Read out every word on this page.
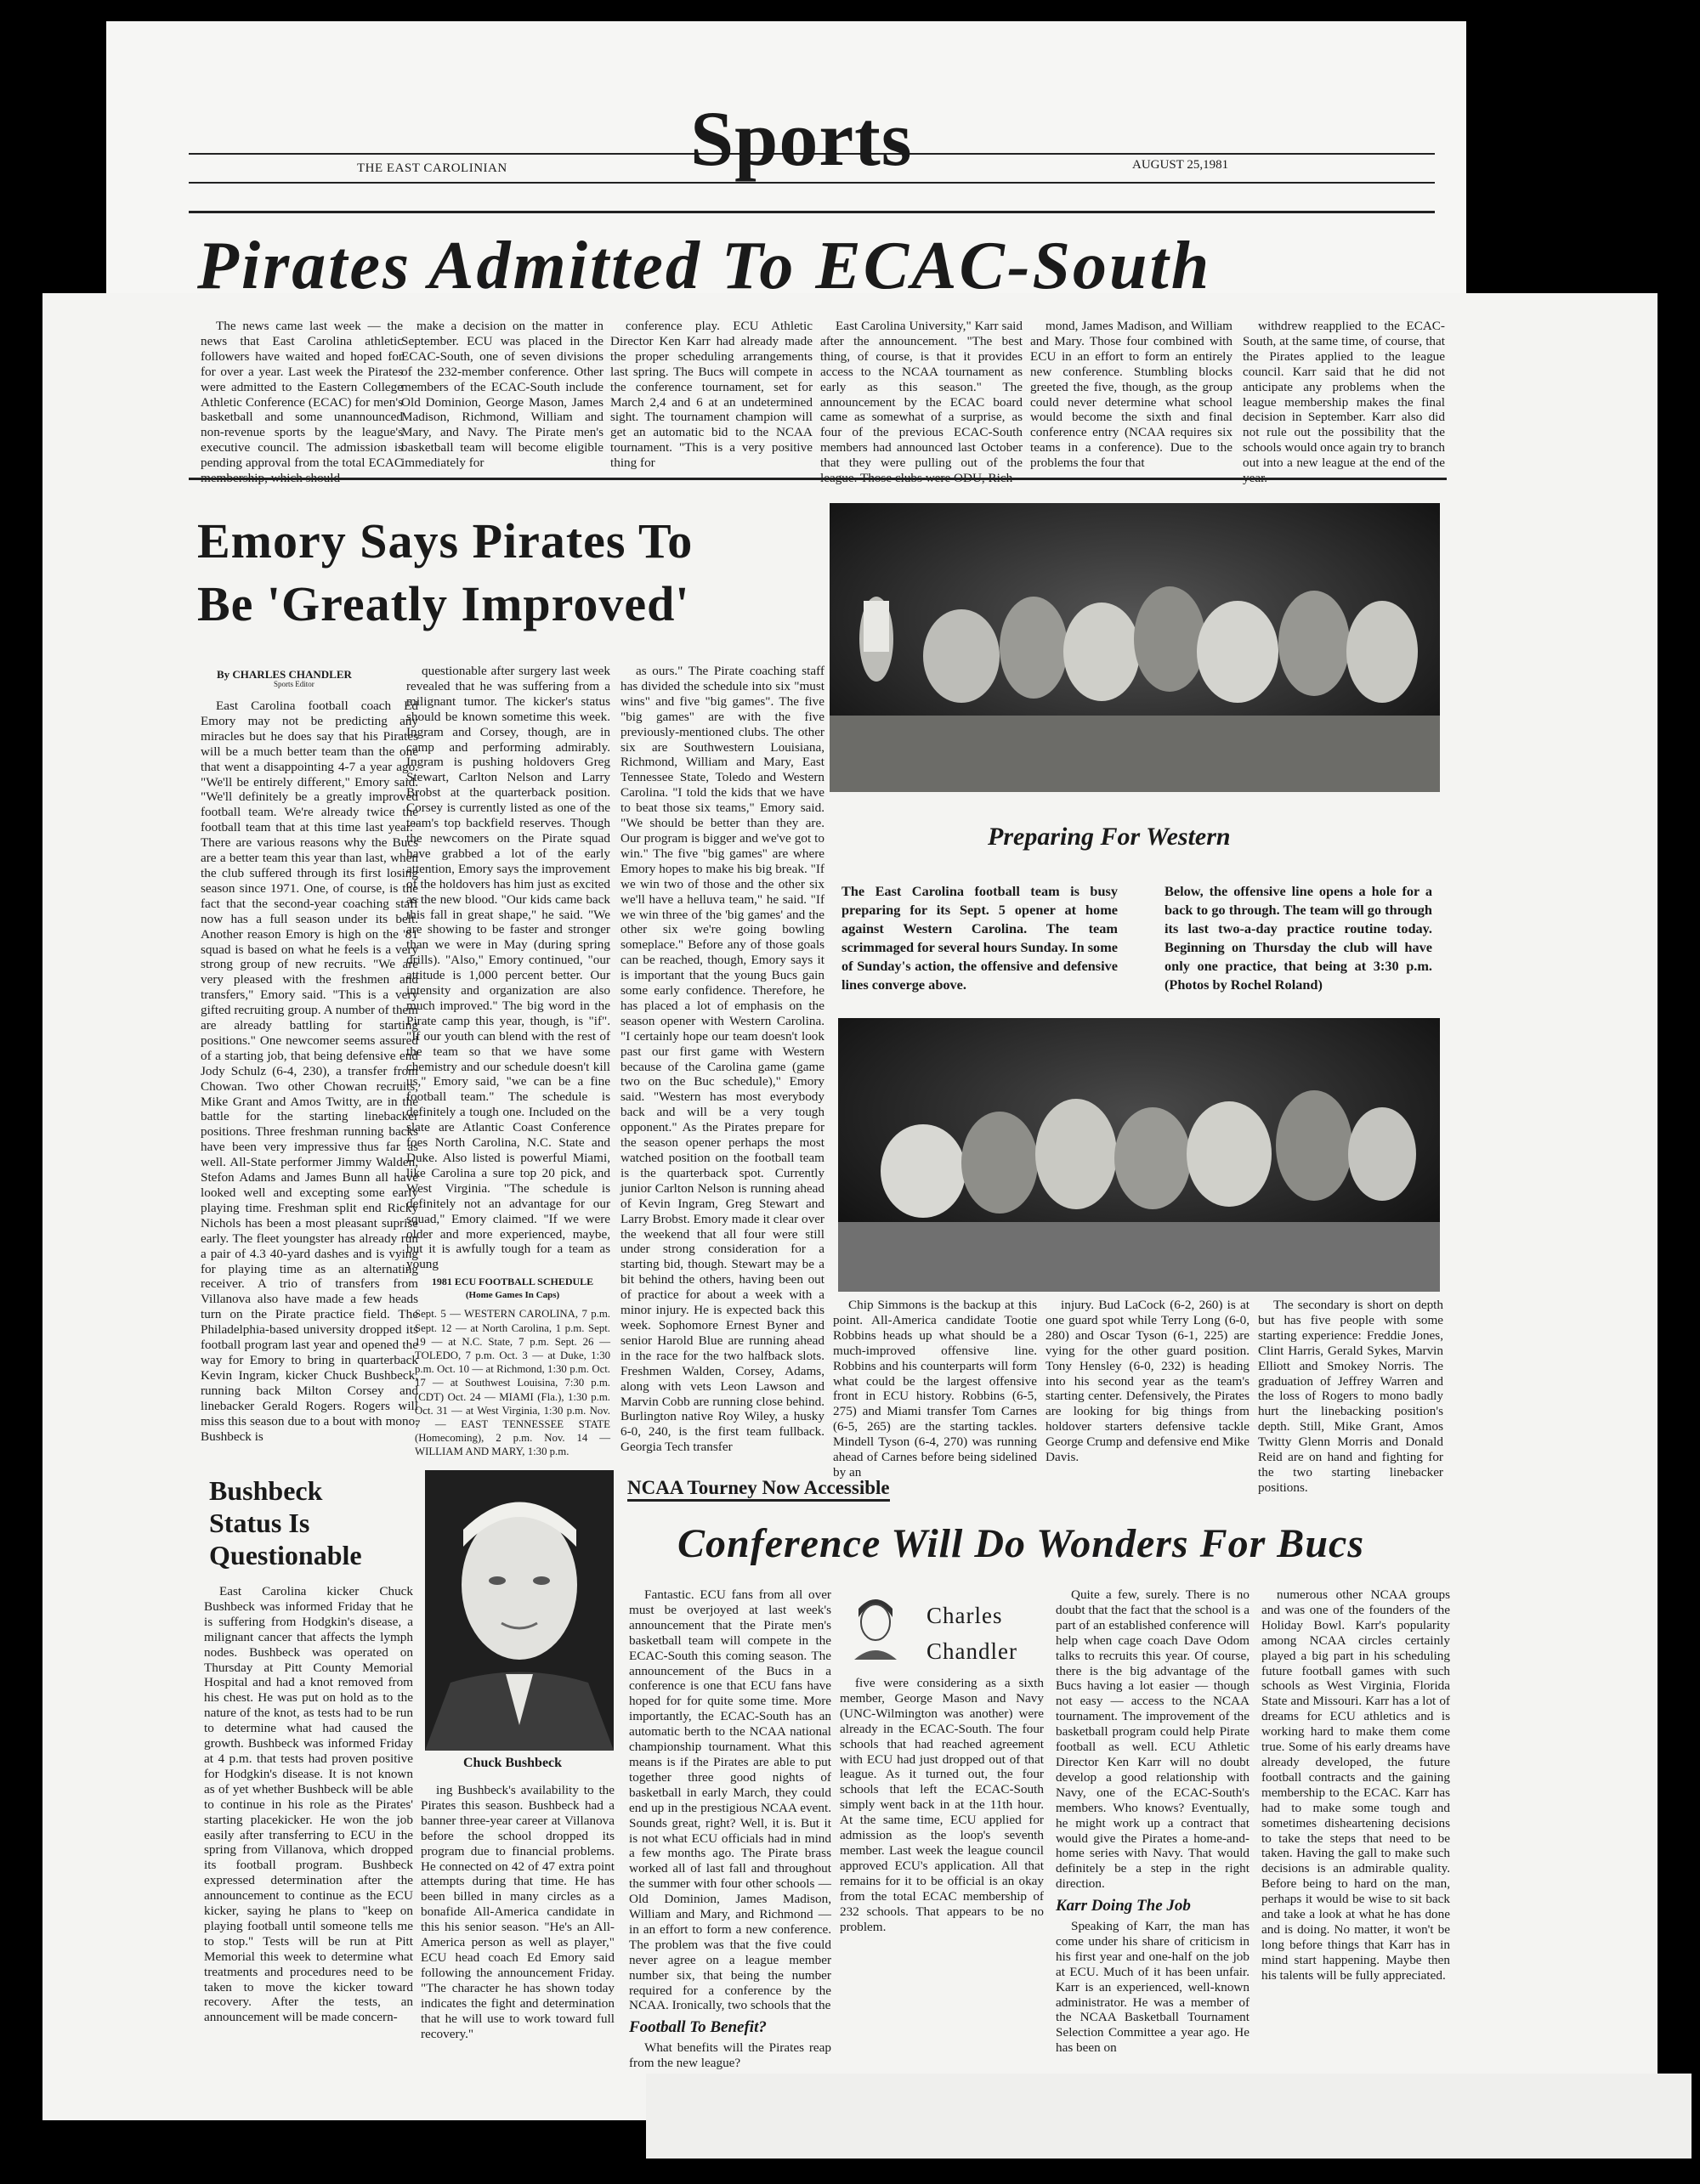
Sports
THE EAST CAROLINIAN	AUGUST 25,1981
Pirates Admitted To ECAC-South

The news came last week — the news that East Carolina athletic followers have waited and hoped for for over a year. Last week the Pirates were admitted to the Eastern College Athletic Conference (ECAC) for men's basketball and some unannounced non-revenue sports by the league's executive council. The admission is pending approval from the total ECAC membership, which should

make a decision on the matter in September. ECU was placed in the ECAC-South, one of seven divisions of the 232-member conference. Other members of the ECAC-South include Old Dominion, George Mason, James Madison, Richmond, William and Mary, and Navy. The Pirate men's basketball team will become eligible immediately for

conference play. ECU Athletic Director Ken Karr had already made the proper scheduling arrangements last spring. The Bucs will compete in the conference tournament, set for March 2,4 and 6 at an undetermined sight. The tournament champion will get an automatic bid to the NCAA tournament. "This is a very positive thing for

East Carolina University," Karr said after the announcement. "The best thing, of course, is that it provides access to the NCAA tournament as early as this season." The announcement by the ECAC board came as somewhat of a surprise, as four of the previous ECAC-South members had announced last October that they were pulling out of the league. Those clubs were ODU, Rich-

mond, James Madison, and William and Mary. Those four combined with ECU in an effort to form an entirely new conference. Stumbling blocks greeted the five, though, as the group could never determine what school would become the sixth and final conference entry (NCAA requires six teams in a conference). Due to the problems the four that

withdrew reapplied to the ECAC-South, at the same time, of course, that the Pirates applied to the league council. Karr said that he did not anticipate any problems when the league membership makes the final decision in September. Karr also did not rule out the possibility that the schools would once again try to branch out into a new league at the end of the year.

Emory Says Pirates To
Be 'Greatly Improved'
By CHARLES CHANDLER
Sports Editor

East Carolina football coach Ed Emory may not be predicting any miracles but he does say that his Pirates will be a much better team than the one that went a disappointing 4-7 a year ago. "We'll be entirely different," Emory said. "We'll definitely be a greatly improved football team. We're already twice the football team that at this time last year." There are various reasons why the Bucs are a better team this year than last, when the club suffered through its first losing season since 1971. One, of course, is the fact that the second-year coaching staff now has a full season under its belt. Another reason Emory is high on the '81 squad is based on what he feels is a very strong group of new recruits. "We are very pleased with the freshmen and transfers," Emory said. "This is a very gifted recruiting group. A number of them are already battling for starting positions." One newcomer seems assured of a starting job, that being defensive end Jody Schulz (6-4, 230), a transfer from Chowan. Two other Chowan recruits, Mike Grant and Amos Twitty, are in the battle for the starting linebacker positions. Three freshman running backs have been very impressive thus far as well. All-State performer Jimmy Walden, Stefon Adams and James Bunn all have looked well and excepting some early playing time. Freshman split end Ricky Nichols has been a most pleasant suprise early. The fleet youngster has already run a pair of 4.3 40-yard dashes and is vying for playing time as an alternating receiver. A trio of transfers from Villanova also have made a few heads turn on the Pirate practice field. The Philadelphia-based university dropped its football program last year and opened the way for Emory to bring in quarterback Kevin Ingram, kicker Chuck Bushbeck, running back Milton Corsey and linebacker Gerald Rogers. Rogers will miss this season due to a bout with mono. Bushbeck is

questionable after surgery last week revealed that he was suffering from a milignant tumor. The kicker's status should be known sometime this week. Ingram and Corsey, though, are in camp and performing admirably. Ingram is pushing holdovers Greg Stewart, Carlton Nelson and Larry Brobst at the quarterback position. Corsey is currently listed as one of the team's top backfield reserves. Though the newcomers on the Pirate squad have grabbed a lot of the early attention, Emory says the improvement of the holdovers has him just as excited as the new blood. "Our kids came back this fall in great shape," he said. "We are showing to be faster and stronger than we were in May (during spring drills). "Also," Emory continued, "our attitude is 1,000 percent better. Our intensity and organization are also much improved." The big word in the Pirate camp this year, though, is "if". "If our youth can blend with the rest of the team so that we have some chemistry and our schedule doesn't kill us," Emory said, "we can be a fine football team." The schedule is definitely a tough one. Included on the slate are Atlantic Coast Conference foes North Carolina, N.C. State and Duke. Also listed is powerful Miami, like Carolina a sure top 20 pick, and West Virginia. "The schedule is definitely not an advantage for our squad," Emory claimed. "If we were older and more experienced, maybe, but it is awfully tough for a team as young

as ours." The Pirate coaching staff has divided the schedule into six "must wins" and five "big games". The five "big games" are with the five previously-mentioned clubs. The other six are Southwestern Louisiana, Richmond, William and Mary, East Tennessee State, Toledo and Western Carolina. "I told the kids that we have to beat those six teams," Emory said. "We should be better than they are. Our program is bigger and we've got to win." The five "big games" are where Emory hopes to make his big break. "If we win two of those and the other six we'll have a helluva team," he said. "If we win three of the 'big games' and the other six we're going bowling someplace." Before any of those goals can be reached, though, Emory says it is important that the young Bucs gain some early confidence. Therefore, he has placed a lot of emphasis on the season opener with Western Carolina. "I certainly hope our team doesn't look past our first game with Western because of the Carolina game (game two on the Buc schedule)," Emory said. "Western has most everybody back and will be a very tough opponent." As the Pirates prepare for the season opener perhaps the most watched position on the football team is the quarterback spot. Currently junior Carlton Nelson is running ahead of Kevin Ingram, Greg Stewart and Larry Brobst. Emory made it clear over the weekend that all four were still under strong consideration for a starting bid, though. Stewart may be a bit behind the others, having been out of practice for about a week with a minor injury. He is expected back this week. Sophomore Ernest Byner and senior Harold Blue are running ahead in the race for the two halfback slots. Freshmen Walden, Corsey, Adams, along with vets Leon Lawson and Marvin Cobb are running close behind. Burlington native Roy Wiley, a husky 6-0, 240, is the first team fullback. Georgia Tech transfer

1981 ECU FOOTBALL SCHEDULE
(Home Games In Caps)
Sept. 5 — WESTERN CAROLINA, 7 p.m. Sept. 12 — at North Carolina, 1 p.m. Sept. 19 — at N.C. State, 7 p.m. Sept. 26 — TOLEDO, 7 p.m. Oct. 3 — at Duke, 1:30 p.m. Oct. 10 — at Richmond, 1:30 p.m. Oct. 17 — at Southwest Louisina, 7:30 p.m. (CDT) Oct. 24 — MIAMI (Fla.), 1:30 p.m. Oct. 31 — at West Virginia, 1:30 p.m. Nov. 7 — EAST TENNESSEE STATE (Homecoming), 2 p.m. Nov. 14 — WILLIAM AND MARY, 1:30 p.m.
Preparing For Western
The East Carolina football team is busy preparing for its Sept. 5 opener at home against Western Carolina. The team scrimmaged for several hours Sunday. In some of Sunday's action, the offensive and defensive lines converge above.
Below, the offensive line opens a hole for a back to go through. The team will go through its last two-a-day practice routine today. Beginning on Thursday the club will have only one practice, that being at 3:30 p.m. (Photos by Rochel Roland)

Chip Simmons is the backup at this point. All-America candidate Tootie Robbins heads up what should be a much-improved offensive line. Robbins and his counterparts will form what could be the largest offensive front in ECU history. Robbins (6-5, 275) and Miami transfer Tom Carnes (6-5, 265) are the starting tackles. Mindell Tyson (6-4, 270) was running ahead of Carnes before being sidelined by an

injury. Bud LaCock (6-2, 260) is at one guard spot while Terry Long (6-0, 280) and Oscar Tyson (6-1, 225) are vying for the other guard position. Tony Hensley (6-0, 232) is heading into his second year as the team's starting center. Defensively, the Pirates are looking for big things from holdover starters defensive tackle George Crump and defensive end Mike Davis.

The secondary is short on depth but has five people with some starting experience: Freddie Jones, Clint Harris, Gerald Sykes, Marvin Elliott and Smokey Norris. The graduation of Jeffrey Warren and the loss of Rogers to mono badly hurt the linebacking position's depth. Still, Mike Grant, Amos Twitty Glenn Morris and Donald Reid are on hand and fighting for the two starting linebacker positions.

Bushbeck
Status Is
Questionable

East Carolina kicker Chuck Bushbeck was informed Friday that he is suffering from Hodgkin's disease, a milignant cancer that affects the lymph nodes. Bushbeck was operated on Thursday at Pitt County Memorial Hospital and had a knot removed from his chest. He was put on hold as to the nature of the knot, as tests had to be run to determine what had caused the growth. Bushbeck was informed Friday at 4 p.m. that tests had proven positive for Hodgkin's disease. It is not known as of yet whether Bushbeck will be able to continue in his role as the Pirates' starting placekicker. He won the job easily after transferring to ECU in the spring from Villanova, which dropped its football program. Bushbeck expressed determination after the announcement to continue as the ECU kicker, saying he plans to "keep on playing football until someone tells me to stop." Tests will be run at Pitt Memorial this week to determine what treatments and procedures need to be taken to move the kicker toward recovery. After the tests, an announcement will be made concern-

Chuck Bushbeck

ing Bushbeck's availability to the Pirates this season. Bushbeck had a banner three-year career at Villanova before the school dropped its program due to financial problems. He connected on 42 of 47 extra point attempts during that time. He has been billed in many circles as a bonafide All-America candidate in this his senior season. "He's an All-America person as well as player," ECU head coach Ed Emory said following the announcement Friday. "The character he has shown today indicates the fight and determination that he will use to work toward full recovery."

NCAA Tourney Now Accessible
Conference Will Do Wonders For Bucs
Charles
Chandler

Fantastic. ECU fans from all over must be overjoyed at last week's announcement that the Pirate men's basketball team will compete in the ECAC-South this coming season. The announcement of the Bucs in a conference is one that ECU fans have hoped for for quite some time. More importantly, the ECAC-South has an automatic berth to the NCAA national championship tournament. What this means is if the Pirates are able to put together three good nights of basketball in early March, they could end up in the prestigious NCAA event. Sounds great, right? Well, it is. But it is not what ECU officials had in mind a few months ago. The Pirate brass worked all of last fall and throughout the summer with four other schools — Old Dominion, James Madison, William and Mary, and Richmond — in an effort to form a new conference. The problem was that the five could never agree on a league member number six, that being the number required for a conference by the NCAA. Ironically, two schools that the

Football To Benefit?

What benefits will the Pirates reap from the new league?

five were considering as a sixth member, George Mason and Navy (UNC-Wilmington was another) were already in the ECAC-South. The four schools that had reached agreement with ECU had just dropped out of that league. As it turned out, the four schools that left the ECAC-South simply went back in at the 11th hour. At the same time, ECU applied for admission as the loop's seventh member. Last week the league council approved ECU's application. All that remains for it to be official is an okay from the total ECAC membership of 232 schools. That appears to be no problem.

Quite a few, surely. There is no doubt that the fact that the school is a part of an established conference will help when cage coach Dave Odom talks to recruits this year. Of course, there is the big advantage of the Bucs having a lot easier — though not easy — access to the NCAA tournament. The improvement of the basketball program could help Pirate football as well. ECU Athletic Director Ken Karr will no doubt develop a good relationship with Navy, one of the ECAC-South's members. Who knows? Eventually, he might work up a contract that would give the Pirates a home-and-home series with Navy. That would definitely be a step in the right direction.

Karr Doing The Job

Speaking of Karr, the man has come under his share of criticism in his first year and one-half on the job at ECU. Much of it has been unfair. Karr is an experienced, well-known administrator. He was a member of the NCAA Basketball Tournament Selection Committee a year ago. He has been on

numerous other NCAA groups and was one of the founders of the Holiday Bowl. Karr's popularity among NCAA circles certainly played a big part in his scheduling future football games with such schools as West Virginia, Florida State and Missouri. Karr has a lot of dreams for ECU athletics and is working hard to make them come true. Some of his early dreams have already developed, the future football contracts and the gaining membership to the ECAC. Karr has had to make some tough and sometimes disheartening decisions to take the steps that need to be taken. Having the gall to make such decisions is an admirable quality. Before being to hard on the man, perhaps it would be wise to sit back and take a look at what he has done and is doing. No matter, it won't be long before things that Karr has in mind start happening. Maybe then his talents will be fully appreciated.
